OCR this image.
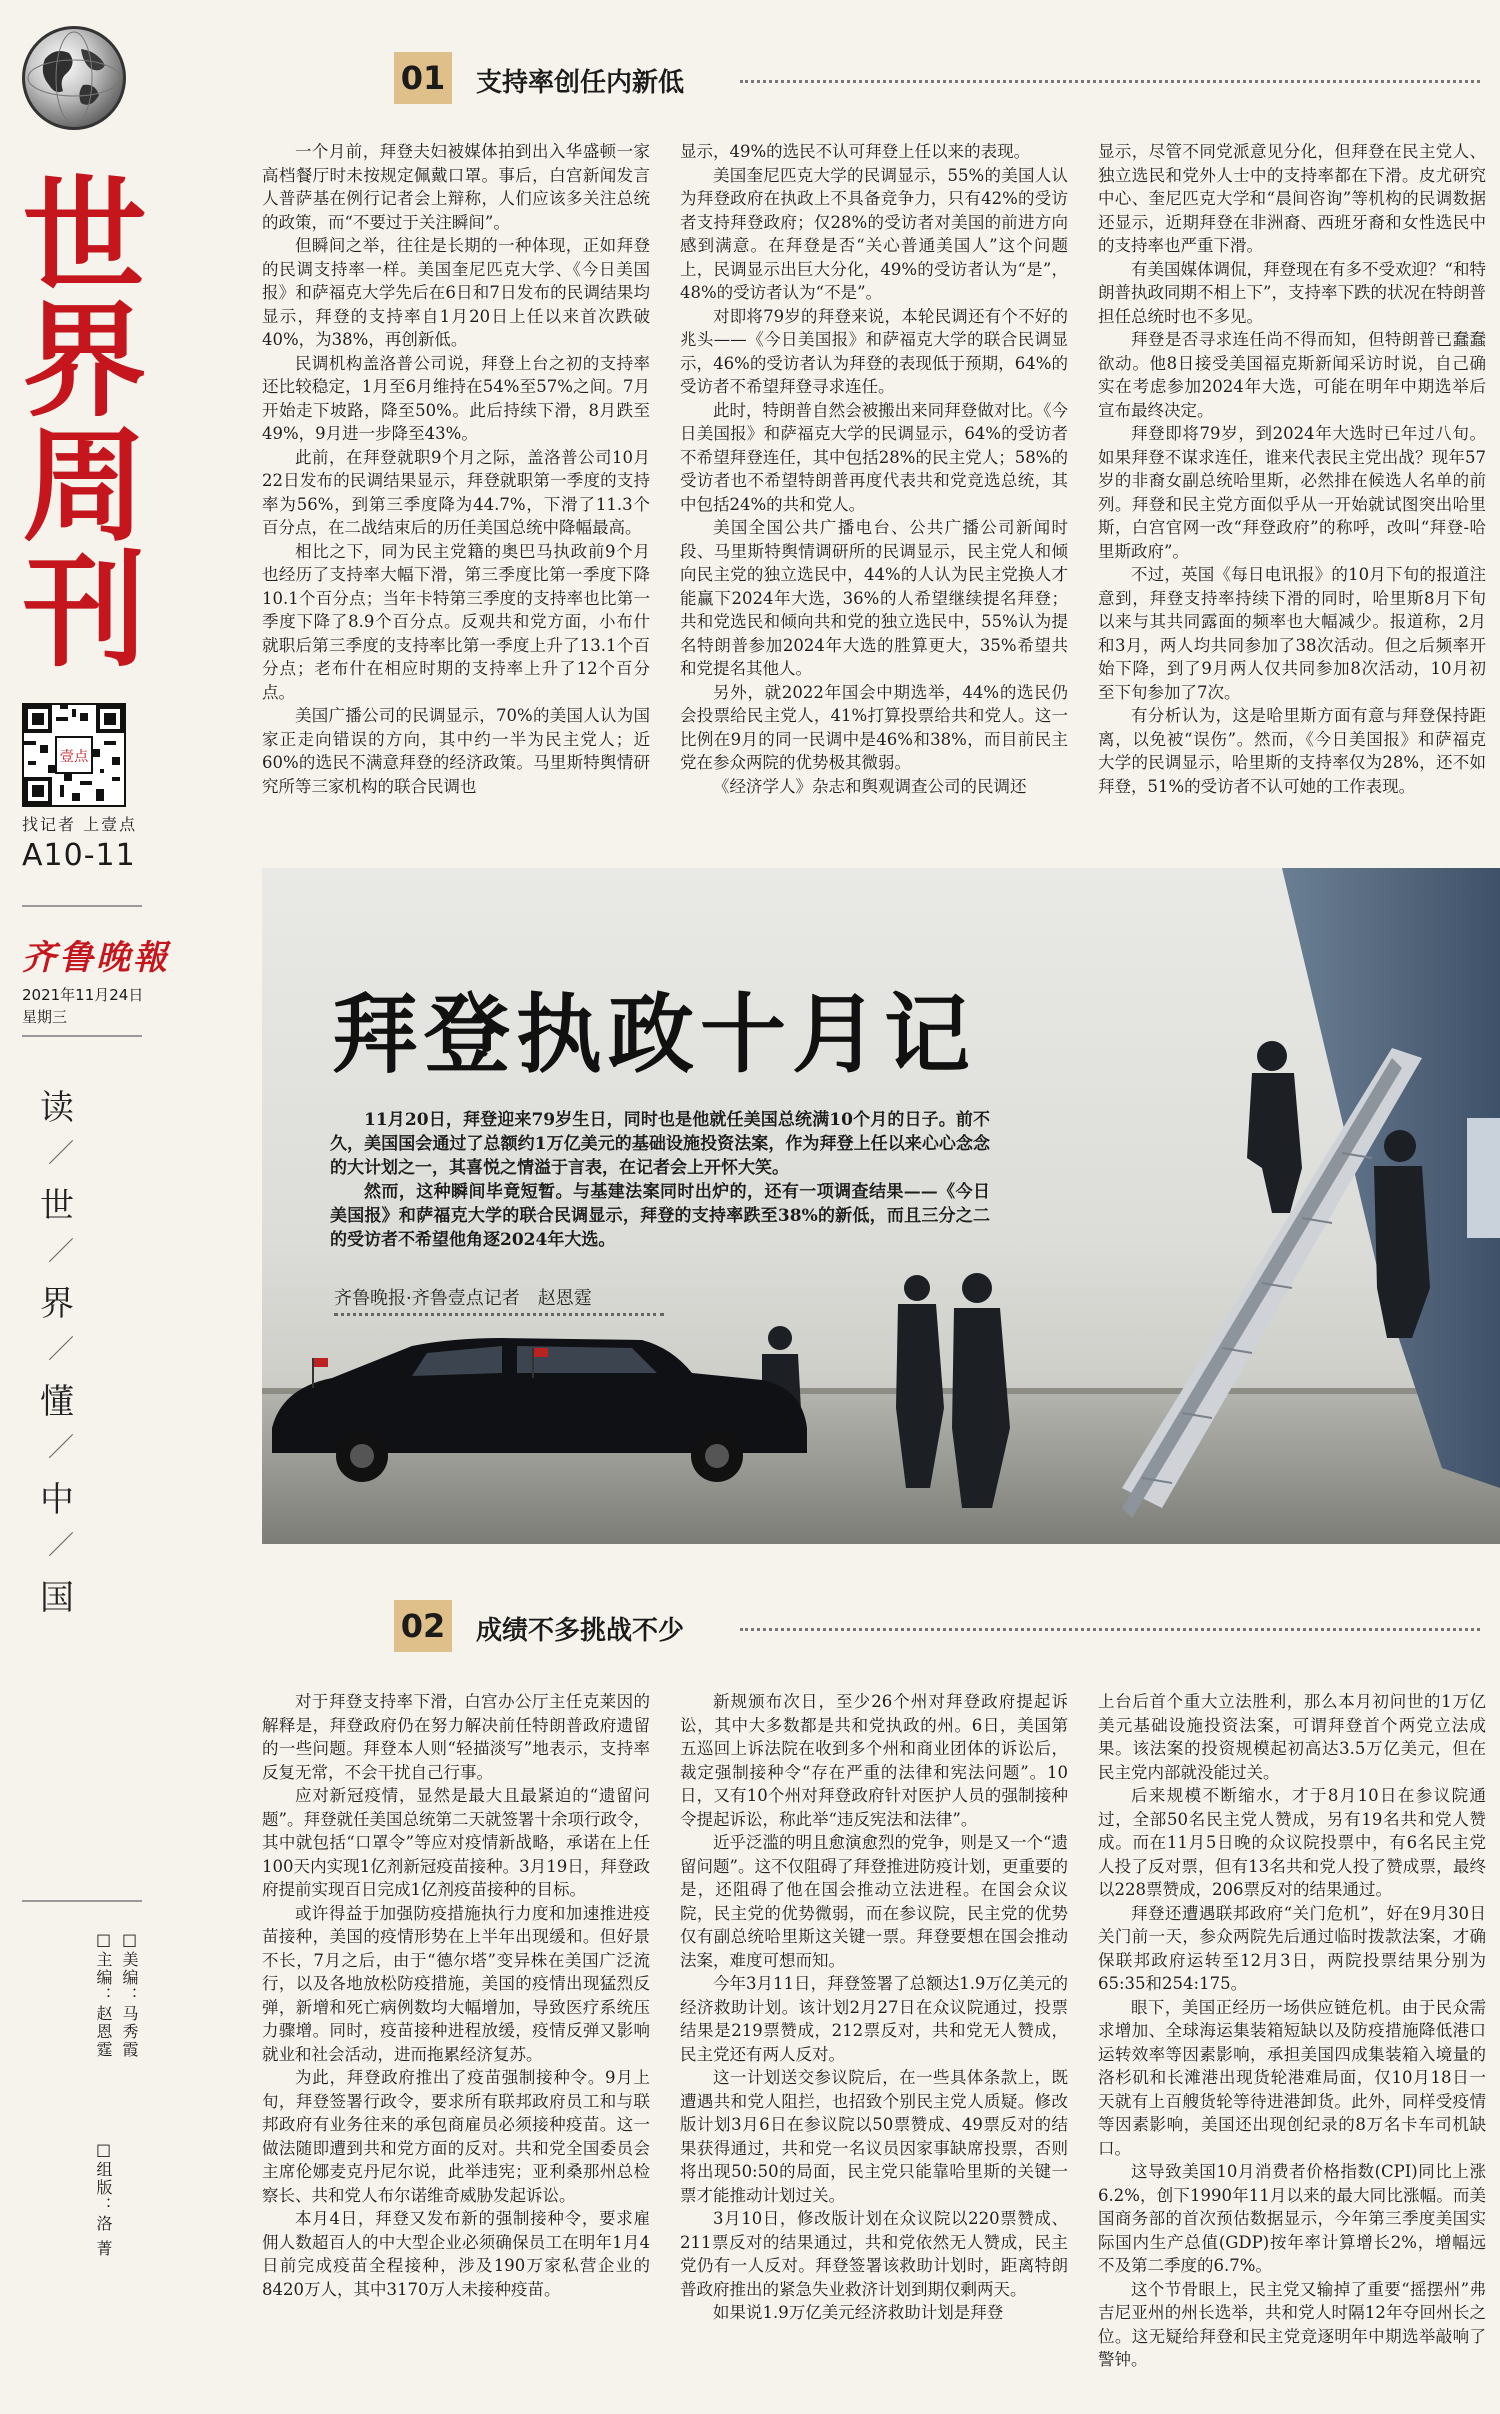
世
界
周
刊
壹点
找记者 上壹点
A10-11
齐鲁晚報
2021年11月24日
星期三
读
／
世
／
界
／
懂
／
中
／
国
□美编：马秀霞
□主编：赵恩霆
□组版：洛 菁
01 支持率创任内新低

一个月前，拜登夫妇被媒体拍到出入华盛顿一家高档餐厅时未按规定佩戴口罩。事后，白宫新闻发言人普萨基在例行记者会上辩称，人们应该多关注总统的政策，而“不要过于关注瞬间”。

但瞬间之举，往往是长期的一种体现，正如拜登的民调支持率一样。美国奎尼匹克大学、《今日美国报》和萨福克大学先后在6日和7日发布的民调结果均显示，拜登的支持率自1月20日上任以来首次跌破40%，为38%，再创新低。

民调机构盖洛普公司说，拜登上台之初的支持率还比较稳定，1月至6月维持在54%至57%之间。7月开始走下坡路，降至50%。此后持续下滑，8月跌至49%，9月进一步降至43%。

此前，在拜登就职9个月之际，盖洛普公司10月22日发布的民调结果显示，拜登就职第一季度的支持率为56%，到第三季度降为44.7%，下滑了11.3个百分点，在二战结束后的历任美国总统中降幅最高。

相比之下，同为民主党籍的奥巴马执政前9个月也经历了支持率大幅下滑，第三季度比第一季度下降10.1个百分点；当年卡特第三季度的支持率也比第一季度下降了8.9个百分点。反观共和党方面，小布什就职后第三季度的支持率比第一季度上升了13.1个百分点；老布什在相应时期的支持率上升了12个百分点。

美国广播公司的民调显示，70%的美国人认为国家正走向错误的方向，其中约一半为民主党人；近60%的选民不满意拜登的经济政策。马里斯特舆情研究所等三家机构的联合民调也

显示，49%的选民不认可拜登上任以来的表现。

美国奎尼匹克大学的民调显示，55%的美国人认为拜登政府在执政上不具备竞争力，只有42%的受访者支持拜登政府；仅28%的受访者对美国的前进方向感到满意。在拜登是否“关心普通美国人”这个问题上，民调显示出巨大分化，49%的受访者认为“是”，48%的受访者认为“不是”。

对即将79岁的拜登来说，本轮民调还有个不好的兆头——《今日美国报》和萨福克大学的联合民调显示，46%的受访者认为拜登的表现低于预期，64%的受访者不希望拜登寻求连任。

此时，特朗普自然会被搬出来同拜登做对比。《今日美国报》和萨福克大学的民调显示，64%的受访者不希望拜登连任，其中包括28%的民主党人；58%的受访者也不希望特朗普再度代表共和党竞选总统，其中包括24%的共和党人。

美国全国公共广播电台、公共广播公司新闻时段、马里斯特舆情调研所的民调显示，民主党人和倾向民主党的独立选民中，44%的人认为民主党换人才能赢下2024年大选，36%的人希望继续提名拜登；共和党选民和倾向共和党的独立选民中，55%认为提名特朗普参加2024年大选的胜算更大，35%希望共和党提名其他人。

另外，就2022年国会中期选举，44%的选民仍会投票给民主党人，41%打算投票给共和党人。这一比例在9月的同一民调中是46%和38%，而目前民主党在参众两院的优势极其微弱。

《经济学人》杂志和舆观调查公司的民调还

显示，尽管不同党派意见分化，但拜登在民主党人、独立选民和党外人士中的支持率都在下滑。皮尤研究中心、奎尼匹克大学和“晨间咨询”等机构的民调数据还显示，近期拜登在非洲裔、西班牙裔和女性选民中的支持率也严重下滑。

有美国媒体调侃，拜登现在有多不受欢迎？“和特朗普执政同期不相上下”，支持率下跌的状况在特朗普担任总统时也不多见。

拜登是否寻求连任尚不得而知，但特朗普已蠢蠢欲动。他8日接受美国福克斯新闻采访时说，自己确实在考虑参加2024年大选，可能在明年中期选举后宣布最终决定。

拜登即将79岁，到2024年大选时已年过八旬。如果拜登不谋求连任，谁来代表民主党出战？现年57岁的非裔女副总统哈里斯，必然排在候选人名单的前列。拜登和民主党方面似乎从一开始就试图突出哈里斯，白宫官网一改“拜登政府”的称呼，改叫“拜登-哈里斯政府”。

不过，英国《每日电讯报》的10月下旬的报道注意到，拜登支持率持续下滑的同时，哈里斯8月下旬以来与其共同露面的频率也大幅减少。报道称，2月和3月，两人均共同参加了38次活动。但之后频率开始下降，到了9月两人仅共同参加8次活动，10月初至下旬参加了7次。

有分析认为，这是哈里斯方面有意与拜登保持距离，以免被“误伤”。然而，《今日美国报》和萨福克大学的民调显示，哈里斯的支持率仅为28%，还不如拜登，51%的受访者不认可她的工作表现。

拜登执政十月记

11月20日，拜登迎来79岁生日，同时也是他就任美国总统满10个月的日子。前不久，美国国会通过了总额约1万亿美元的基础设施投资法案，作为拜登上任以来心心念念的大计划之一，其喜悦之情溢于言表，在记者会上开怀大笑。

然而，这种瞬间毕竟短暂。与基建法案同时出炉的，还有一项调查结果——《今日美国报》和萨福克大学的联合民调显示，拜登的支持率跌至38%的新低，而且三分之二的受访者不希望他角逐2024年大选。

齐鲁晚报·齐鲁壹点记者　赵恩霆
02 成绩不多挑战不少

对于拜登支持率下滑，白宫办公厅主任克莱因的解释是，拜登政府仍在努力解决前任特朗普政府遗留的一些问题。拜登本人则“轻描淡写”地表示，支持率反复无常，不会干扰自己行事。

应对新冠疫情，显然是最大且最紧迫的“遗留问题”。拜登就任美国总统第二天就签署十余项行政令，其中就包括“口罩令”等应对疫情新战略，承诺在上任100天内实现1亿剂新冠疫苗接种。3月19日，拜登政府提前实现百日完成1亿剂疫苗接种的目标。

或许得益于加强防疫措施执行力度和加速推进疫苗接种，美国的疫情形势在上半年出现缓和。但好景不长，7月之后，由于“德尔塔”变异株在美国广泛流行，以及各地放松防疫措施，美国的疫情出现猛烈反弹，新增和死亡病例数均大幅增加，导致医疗系统压力骤增。同时，疫苗接种进程放缓，疫情反弹又影响就业和社会活动，进而拖累经济复苏。

为此，拜登政府推出了疫苗强制接种令。9月上旬，拜登签署行政令，要求所有联邦政府员工和与联邦政府有业务往来的承包商雇员必须接种疫苗。这一做法随即遭到共和党方面的反对。共和党全国委员会主席伦娜麦克丹尼尔说，此举违宪；亚利桑那州总检察长、共和党人布尔诺维奇威胁发起诉讼。

本月4日，拜登又发布新的强制接种令，要求雇佣人数超百人的中大型企业必须确保员工在明年1月4日前完成疫苗全程接种，涉及190万家私营企业的8420万人，其中3170万人未接种疫苗。

新规颁布次日，至少26个州对拜登政府提起诉讼，其中大多数都是共和党执政的州。6日，美国第五巡回上诉法院在收到多个州和商业团体的诉讼后，裁定强制接种令“存在严重的法律和宪法问题”。10日，又有10个州对拜登政府针对医护人员的强制接种令提起诉讼，称此举“违反宪法和法律”。

近乎泛滥的明且愈演愈烈的党争，则是又一个“遗留问题”。这不仅阻碍了拜登推进防疫计划，更重要的是，还阻碍了他在国会推动立法进程。在国会众议院，民主党的优势微弱，而在参议院，民主党的优势仅有副总统哈里斯这关键一票。拜登要想在国会推动法案，难度可想而知。

今年3月11日，拜登签署了总额达1.9万亿美元的经济救助计划。该计划2月27日在众议院通过，投票结果是219票赞成，212票反对，共和党无人赞成，民主党还有两人反对。

这一计划送交参议院后，在一些具体条款上，既遭遇共和党人阻拦，也招致个别民主党人质疑。修改版计划3月6日在参议院以50票赞成、49票反对的结果获得通过，共和党一名议员因家事缺席投票，否则将出现50:50的局面，民主党只能靠哈里斯的关键一票才能推动计划过关。

3月10日，修改版计划在众议院以220票赞成、211票反对的结果通过，共和党依然无人赞成，民主党仍有一人反对。拜登签署该救助计划时，距离特朗普政府推出的紧急失业救济计划到期仅剩两天。

如果说1.9万亿美元经济救助计划是拜登

上台后首个重大立法胜利，那么本月初问世的1万亿美元基础设施投资法案，可谓拜登首个两党立法成果。该法案的投资规模起初高达3.5万亿美元，但在民主党内部就没能过关。

后来规模不断缩水，才于8月10日在参议院通过，全部50名民主党人赞成，另有19名共和党人赞成。而在11月5日晚的众议院投票中，有6名民主党人投了反对票，但有13名共和党人投了赞成票，最终以228票赞成，206票反对的结果通过。

拜登还遭遇联邦政府“关门危机”，好在9月30日关门前一天，参众两院先后通过临时拨款法案，才确保联邦政府运转至12月3日，两院投票结果分别为65:35和254:175。

眼下，美国正经历一场供应链危机。由于民众需求增加、全球海运集装箱短缺以及防疫措施降低港口运转效率等因素影响，承担美国四成集装箱入境量的洛杉矶和长滩港出现货轮港难局面，仅10月18日一天就有上百艘货轮等待进港卸货。此外，同样受疫情等因素影响，美国还出现创纪录的8万名卡车司机缺口。

这导致美国10月消费者价格指数(CPI)同比上涨6.2%，创下1990年11月以来的最大同比涨幅。而美国商务部的首次预估数据显示，今年第三季度美国实际国内生产总值(GDP)按年率计算增长2%，增幅远不及第二季度的6.7%。

这个节骨眼上，民主党又输掉了重要“摇摆州”弗吉尼亚州的州长选举，共和党人时隔12年夺回州长之位。这无疑给拜登和民主党竞逐明年中期选举敲响了警钟。
